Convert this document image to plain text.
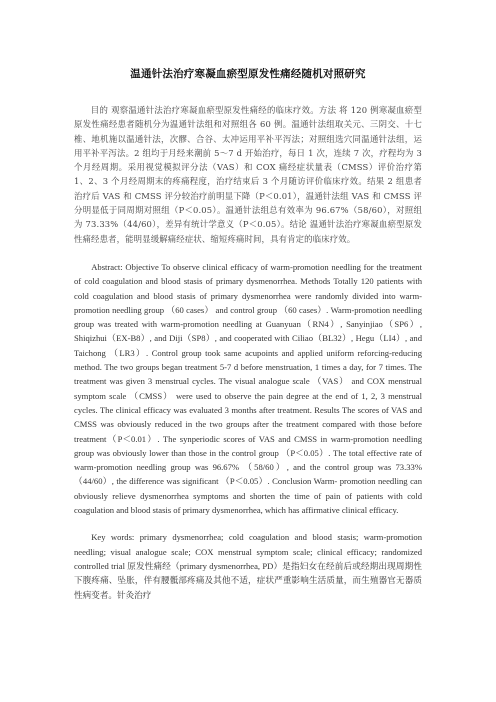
温通针法治疗寒凝血瘀型原发性痛经随机对照研究

目的 观察温通针法治疗寒凝血瘀型原发性痛经的临床疗效。方法 将 120 例寒凝血瘀型原发性痛经患者随机分为温通针法组和对照组各 60 例。温通针法组取关元、三阴交、十七椎、地机施以温通针法，次髎、合谷、太冲运用平补平泻法；对照组选穴同温通针法组，运用平补平泻法。2 组均于月经来潮前 5～7 d 开始治疗，每日 1 次，连续 7 次，疗程均为 3 个月经周期。采用视觉模拟评分法（VAS）和 COX 痛经症状量表（CMSS）评价治疗第 1、2、3 个月经周期末的疼痛程度，治疗结束后 3 个月随访评价临床疗效。结果 2 组患者治疗后 VAS 和 CMSS 评分较治疗前明显下降（P＜0.01），温通针法组 VAS 和 CMSS 评分明显低于同周期对照组（P＜0.05）。温通针法组总有效率为 96.67%（58/60），对照组为 73.33%（44/60），差异有统计学意义（P＜0.05）。结论 温通针法治疗寒凝血瘀型原发性痛经患者，能明显缓解痛经症状、缩短疼痛时间，具有肯定的临床疗效。

Abstract: Objective To observe clinical efficacy of warm-promotion needling for the treatment of cold coagulation and blood stasis of primary dysmenorrhea. Methods Totally 120 patients with cold coagulation and blood stasis of primary dysmenorrhea were randomly divided into warm-promotion needling group （60 cases） and control group （60 cases）. Warm-promotion needling group was treated with warm-promotion needling at Guanyuan（RN4）, Sanyinjiao（SP6）, Shiqizhui（EX-B8）, and Diji（SP8）, and cooperated with Ciliao（BL32）, Hegu（LI4）, and Taichong （LR3）. Control group took same acupoints and applied uniform reforcing-reducing method. The two groups began treatment 5-7 d before menstruation, 1 times a day, for 7 times. The treatment was given 3 menstrual cycles. The visual analogue scale （VAS） and COX menstrual symptom scale （CMSS） were used to observe the pain degree at the end of 1, 2, 3 menstrual cycles. The clinical efficacy was evaluated 3 months after treatment. Results The scores of VAS and CMSS was obviously reduced in the two groups after the treatment compared with those before treatment（P＜0.01）. The synperiodic scores of VAS and CMSS in warm-promotion needling group was obviously lower than those in the control group （P＜0.05）. The total effective rate of warm-promotion needling group was 96.67% （58/60）, and the control group was 73.33% （44/60）, the difference was significant （P＜0.05）. Conclusion Warm- promotion needling can obviously relieve dysmenorrhea symptoms and shorten the time of pain of patients with cold coagulation and blood stasis of primary dysmenorrhea, which has affirmative clinical efficacy.

Key words: primary dysmenorrhea; cold coagulation and blood stasis; warm-promotion needling; visual analogue scale; COX menstrual symptom scale; clinical efficacy; randomized controlled trial 原发性痛经（primary dysmenorrhea, PD）是指妇女在经前后或经期出现周期性下腹疼痛、坠胀，伴有腰骶部疼痛及其他不适，症状严重影响生活质量，而生殖器官无器质性病变者。针灸治疗
